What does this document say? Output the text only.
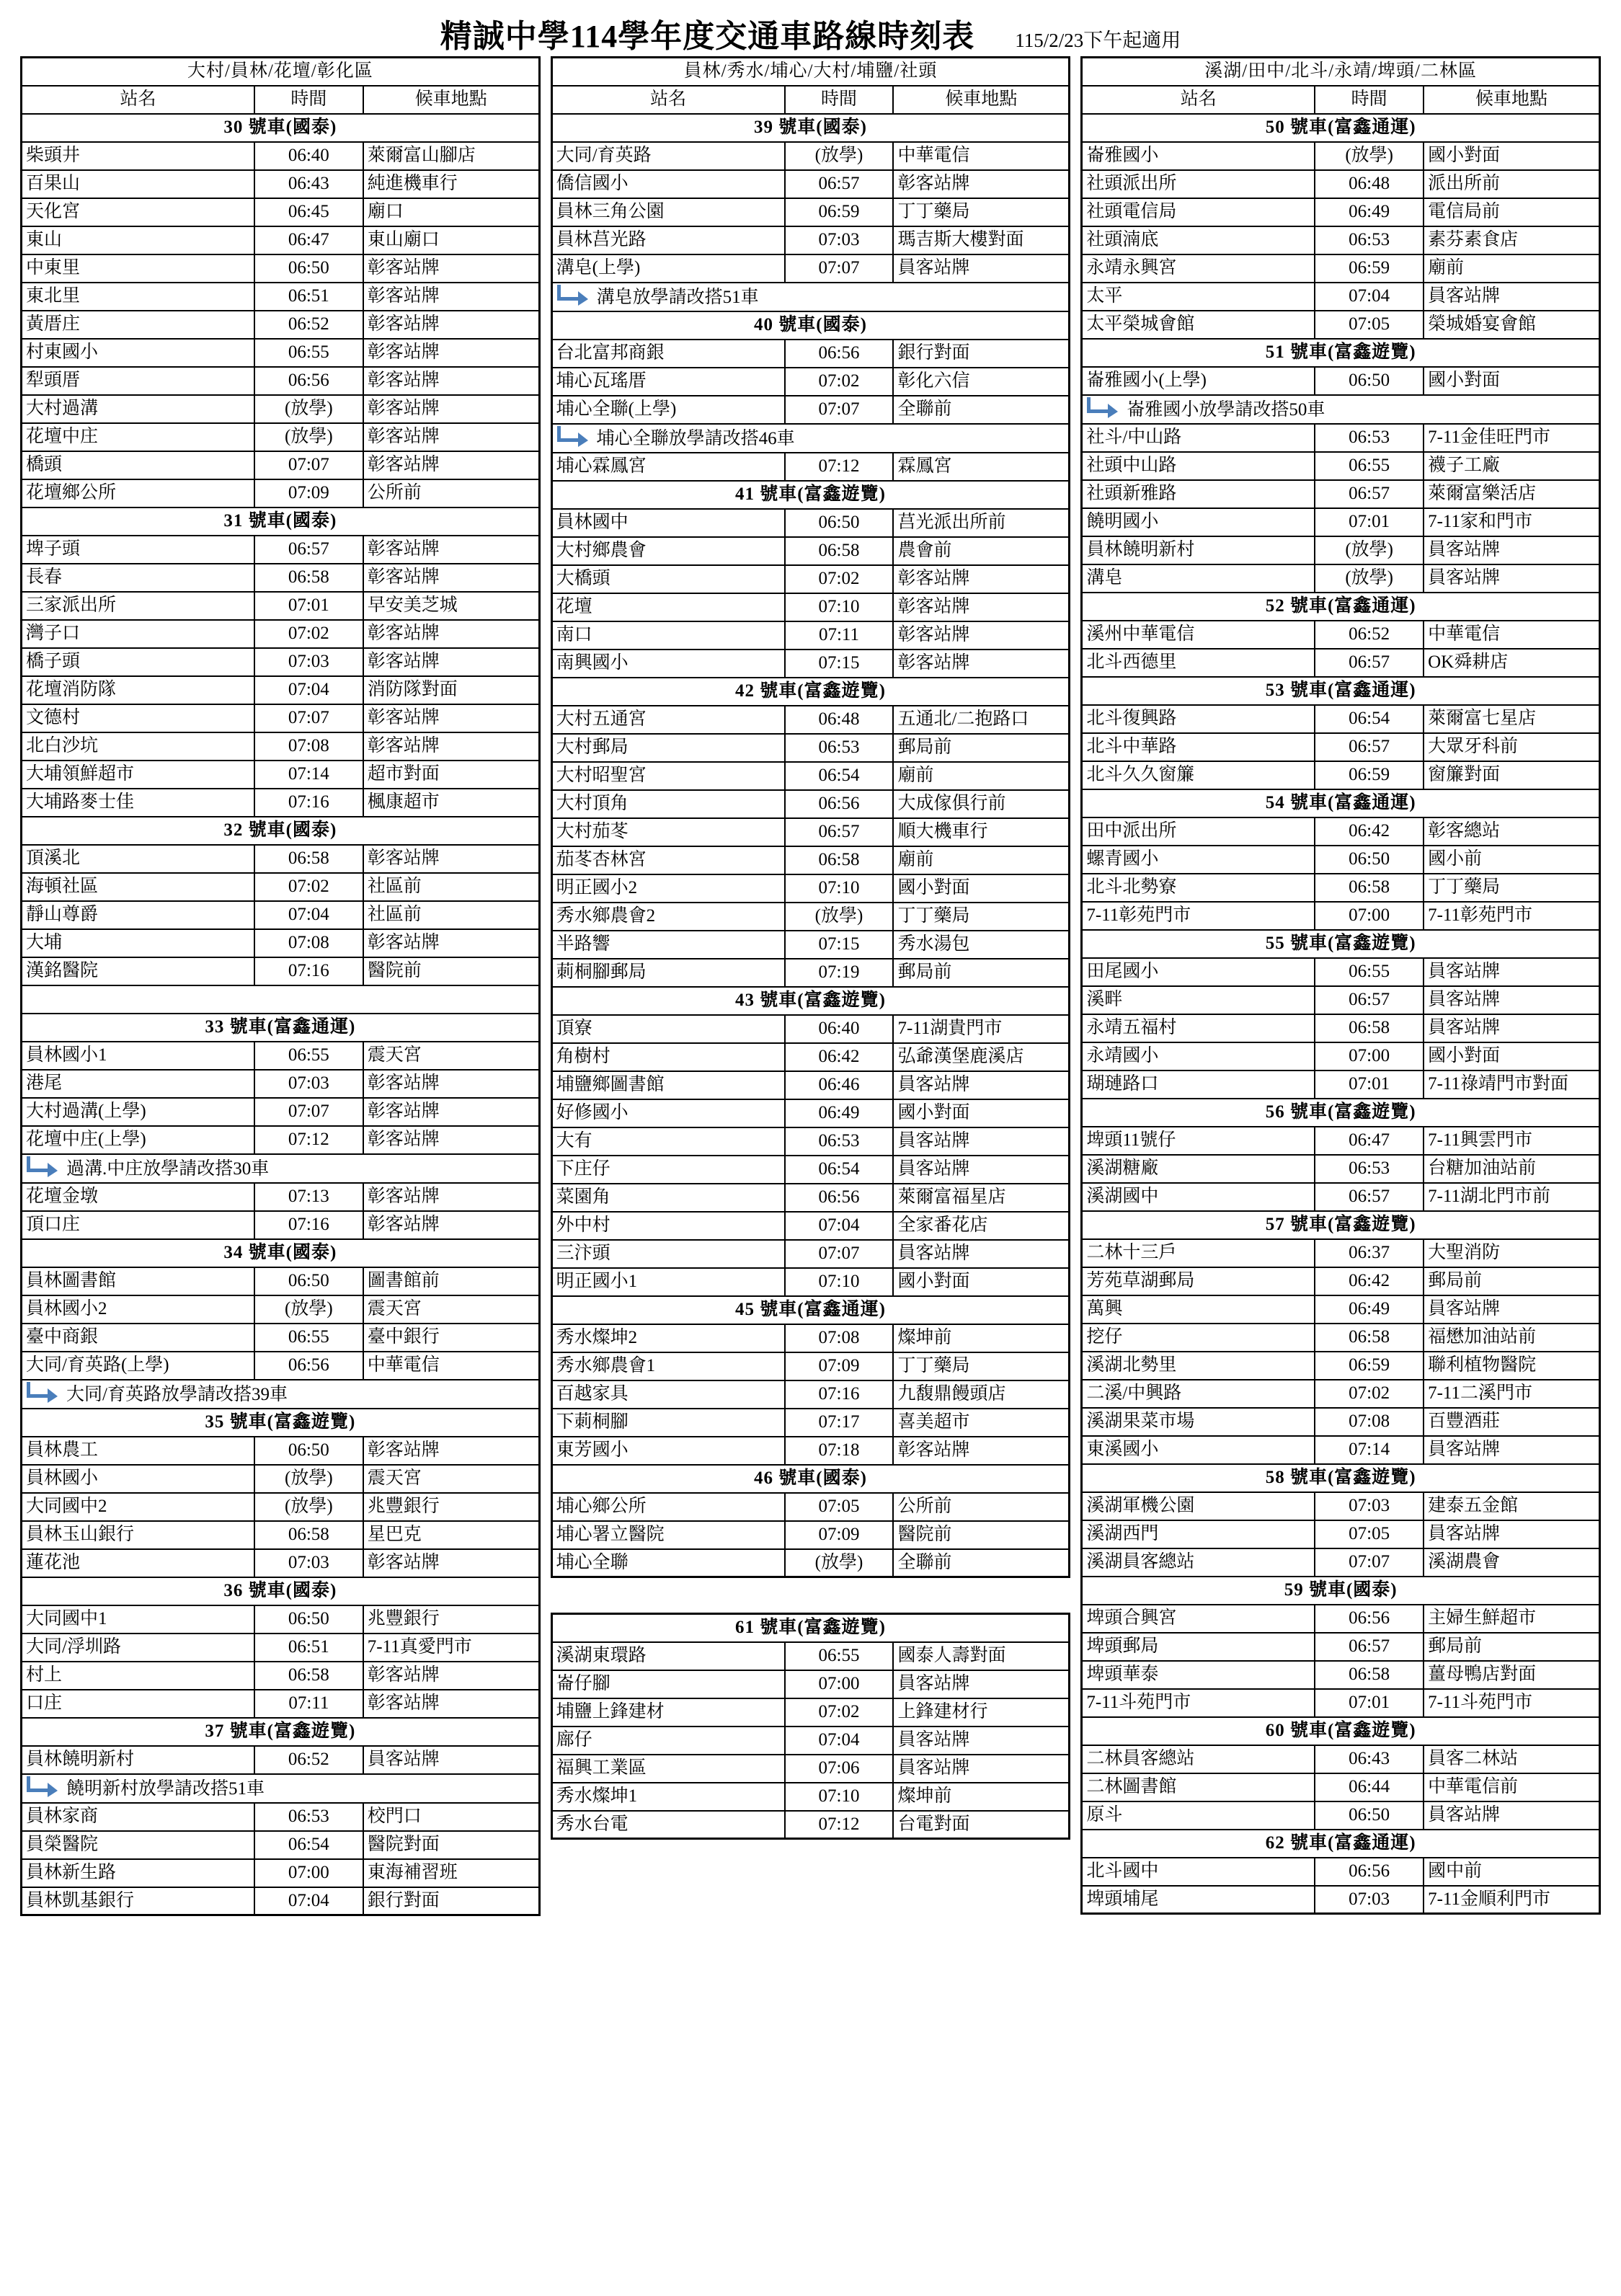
精誠中學114學年度交通車路線時刻表 115/2/23下午起適用
大村/員林/花壇/彰化區		
站名	時間	候車地點
30 號車(國泰)		
柴頭井	06:40	萊爾富山腳店
百果山	06:43	純進機車行
天化宮	06:45	廟口
東山	06:47	東山廟口
中東里	06:50	彰客站牌
東北里	06:51	彰客站牌
黃厝庄	06:52	彰客站牌
村東國小	06:55	彰客站牌
犁頭厝	06:56	彰客站牌
大村過溝	(放學)	彰客站牌
花壇中庄	(放學)	彰客站牌
橋頭	07:07	彰客站牌
花壇鄉公所	07:09	公所前
31 號車(國泰)		
埤子頭	06:57	彰客站牌
長春	06:58	彰客站牌
三家派出所	07:01	早安美芝城
灣子口	07:02	彰客站牌
橋子頭	07:03	彰客站牌
花壇消防隊	07:04	消防隊對面
文德村	07:07	彰客站牌
北白沙坑	07:08	彰客站牌
大埔領鮮超市	07:14	超市對面
大埔路麥士佳	07:16	楓康超市
32 號車(國泰)		
頂溪北	06:58	彰客站牌
海頓社區	07:02	社區前
靜山尊爵	07:04	社區前
大埔	07:08	彰客站牌
漢銘醫院	07:16	醫院前

33 號車(富鑫通運)		
員林國小1	06:55	震天宮
港尾	07:03	彰客站牌
大村過溝(上學)	07:07	彰客站牌
花壇中庄(上學)	07:12	彰客站牌
過溝.中庄放學請改搭30車		
花壇金墩	07:13	彰客站牌
頂口庄	07:16	彰客站牌
34 號車(國泰)		
員林圖書館	06:50	圖書館前
員林國小2	(放學)	震天宮
臺中商銀	06:55	臺中銀行
大同/育英路(上學)	06:56	中華電信
大同/育英路放學請改搭39車		
35 號車(富鑫遊覽)		
員林農工	06:50	彰客站牌
員林國小	(放學)	震天宮
大同國中2	(放學)	兆豐銀行
員林玉山銀行	06:58	星巴克
蓮花池	07:03	彰客站牌
36 號車(國泰)		
大同國中1	06:50	兆豐銀行
大同/浮圳路	06:51	7-11真愛門市
村上	06:58	彰客站牌
口庄	07:11	彰客站牌
37 號車(富鑫遊覽)		
員林饒明新村	06:52	員客站牌
饒明新村放學請改搭51車		
員林家商	06:53	校門口
員榮醫院	06:54	醫院對面
員林新生路	07:00	東海補習班
員林凱基銀行	07:04	銀行對面
員林/秀水/埔心/大村/埔鹽/社頭		
站名	時間	候車地點
39 號車(國泰)		
大同/育英路	(放學)	中華電信
僑信國小	06:57	彰客站牌
員林三角公園	06:59	丁丁藥局
員林莒光路	07:03	瑪吉斯大樓對面
溝皂(上學)	07:07	員客站牌
溝皂放學請改搭51車		
40 號車(國泰)		
台北富邦商銀	06:56	銀行對面
埔心瓦瑤厝	07:02	彰化六信
埔心全聯(上學)	07:07	全聯前
埔心全聯放學請改搭46車		
埔心霖鳳宮	07:12	霖鳳宮
41 號車(富鑫遊覽)		
員林國中	06:50	莒光派出所前
大村鄉農會	06:58	農會前
大橋頭	07:02	彰客站牌
花壇	07:10	彰客站牌
南口	07:11	彰客站牌
南興國小	07:15	彰客站牌
42 號車(富鑫遊覽)		
大村五通宮	06:48	五通北/二抱路口
大村郵局	06:53	郵局前
大村昭聖宮	06:54	廟前
大村頂角	06:56	大成傢俱行前
大村茄苳	06:57	順大機車行
茄苳杏林宮	06:58	廟前
明正國小2	07:10	國小對面
秀水鄉農會2	(放學)	丁丁藥局
半路響	07:15	秀水湯包
莿桐腳郵局	07:19	郵局前
43 號車(富鑫遊覽)		
頂寮	06:40	7-11湖貴門市
角樹村	06:42	弘爺漢堡鹿溪店
埔鹽鄉圖書館	06:46	員客站牌
好修國小	06:49	國小對面
大有	06:53	員客站牌
下庄仔	06:54	員客站牌
菜園角	06:56	萊爾富福星店
外中村	07:04	全家番花店
三汴頭	07:07	員客站牌
明正國小1	07:10	國小對面
45 號車(富鑫通運)		
秀水燦坤2	07:08	燦坤前
秀水鄉農會1	07:09	丁丁藥局
百越家具	07:16	九馥鼎饅頭店
下莿桐腳	07:17	喜美超市
東芳國小	07:18	彰客站牌
46 號車(國泰)		
埔心鄉公所	07:05	公所前
埔心署立醫院	07:09	醫院前
埔心全聯	(放學)	全聯前
61 號車(富鑫遊覽)		
溪湖東環路	06:55	國泰人壽對面
崙仔腳	07:00	員客站牌
埔鹽上鋒建材	07:02	上鋒建材行
廍仔	07:04	員客站牌
福興工業區	07:06	員客站牌
秀水燦坤1	07:10	燦坤前
秀水台電	07:12	台電對面
溪湖/田中/北斗/永靖/埤頭/二林區		
站名	時間	候車地點
50 號車(富鑫通運)		
崙雅國小	(放學)	國小對面
社頭派出所	06:48	派出所前
社頭電信局	06:49	電信局前
社頭湳底	06:53	素芬素食店
永靖永興宮	06:59	廟前
太平	07:04	員客站牌
太平榮城會館	07:05	榮城婚宴會館
51 號車(富鑫遊覽)		
崙雅國小(上學)	06:50	國小對面
崙雅國小放學請改搭50車		
社斗/中山路	06:53	7-11金佳旺門市
社頭中山路	06:55	襪子工廠
社頭新雅路	06:57	萊爾富樂活店
饒明國小	07:01	7-11家和門市
員林饒明新村	(放學)	員客站牌
溝皂	(放學)	員客站牌
52 號車(富鑫通運)		
溪州中華電信	06:52	中華電信
北斗西德里	06:57	OK舜耕店
53 號車(富鑫通運)		
北斗復興路	06:54	萊爾富七星店
北斗中華路	06:57	大眾牙科前
北斗久久窗簾	06:59	窗簾對面
54 號車(富鑫通運)		
田中派出所	06:42	彰客總站
螺青國小	06:50	國小前
北斗北勢寮	06:58	丁丁藥局
7-11彰苑門市	07:00	7-11彰苑門市
55 號車(富鑫遊覽)		
田尾國小	06:55	員客站牌
溪畔	06:57	員客站牌
永靖五福村	06:58	員客站牌
永靖國小	07:00	國小對面
瑚璉路口	07:01	7-11祿靖門市對面
56 號車(富鑫遊覽)		
埤頭11號仔	06:47	7-11興雲門市
溪湖糖廠	06:53	台糖加油站前
溪湖國中	06:57	7-11湖北門市前
57 號車(富鑫遊覽)		
二林十三戶	06:37	大聖消防
芳苑草湖郵局	06:42	郵局前
萬興	06:49	員客站牌
挖仔	06:58	福懋加油站前
溪湖北勢里	06:59	聯利植物醫院
二溪/中興路	07:02	7-11二溪門市
溪湖果菜市場	07:08	百豐酒莊
東溪國小	07:14	員客站牌
58 號車(富鑫遊覽)		
溪湖軍機公園	07:03	建泰五金館
溪湖西門	07:05	員客站牌
溪湖員客總站	07:07	溪湖農會
59 號車(國泰)		
埤頭合興宮	06:56	主婦生鮮超市
埤頭郵局	06:57	郵局前
埤頭華泰	06:58	薑母鴨店對面
7-11斗苑門市	07:01	7-11斗苑門市
60 號車(富鑫遊覽)		
二林員客總站	06:43	員客二林站
二林圖書館	06:44	中華電信前
原斗	06:50	員客站牌
62 號車(富鑫通運)		
北斗國中	06:56	國中前
埤頭埔尾	07:03	7-11金順利門市
